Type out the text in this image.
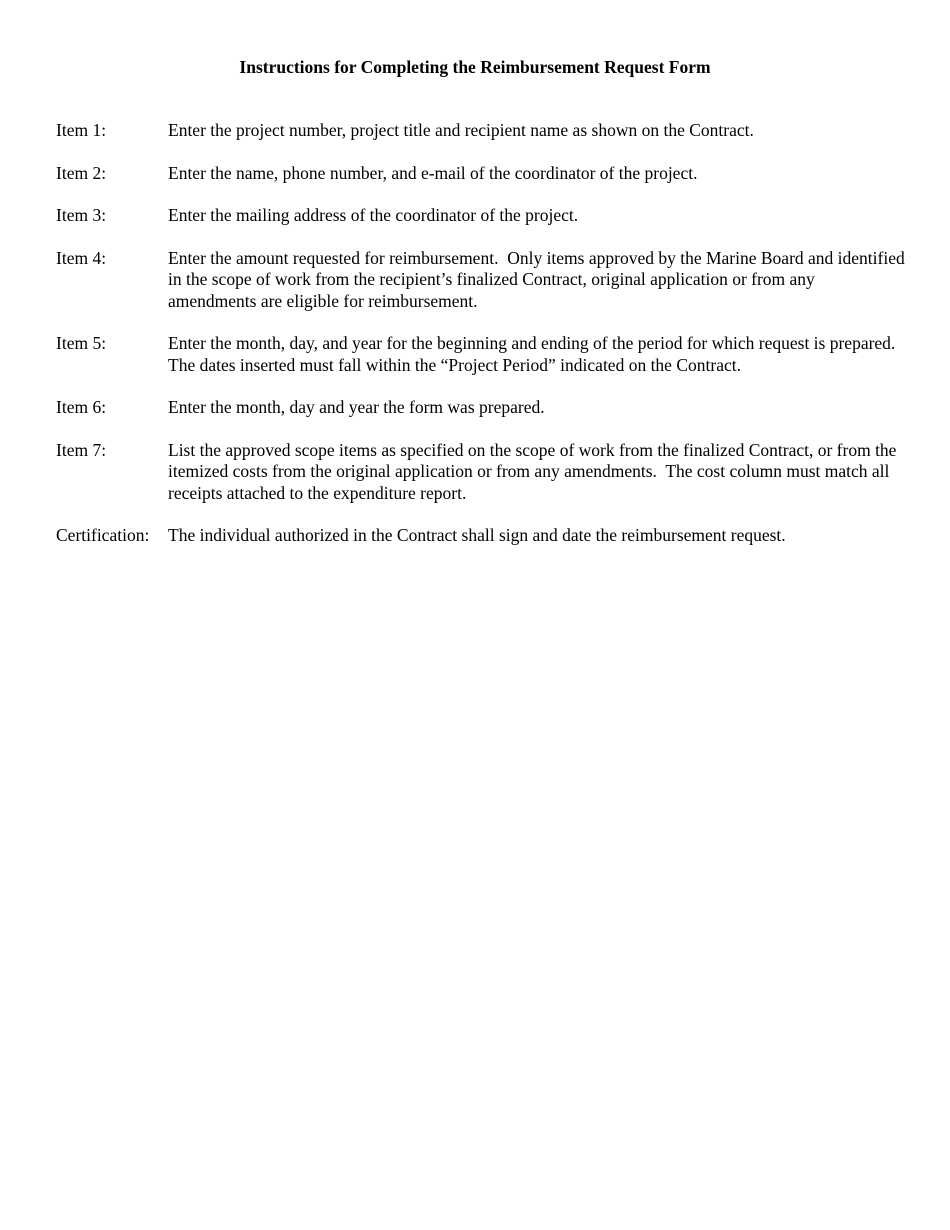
Instructions for Completing the Reimbursement Request Form
Item 1:	Enter the project number, project title and recipient name as shown on the Contract.
Item 2:	Enter the name, phone number, and e-mail of the coordinator of the project.
Item 3:	Enter the mailing address of the coordinator of the project.
Item 4:	Enter the amount requested for reimbursement.  Only items approved by the Marine Board and identified in the scope of work from the recipient’s finalized Contract, original application or from any amendments are eligible for reimbursement.
Item 5:	Enter the month, day, and year for the beginning and ending of the period for which request is prepared.  The dates inserted must fall within the “Project Period” indicated on the Contract.
Item 6:	Enter the month, day and year the form was prepared.
Item 7:	List the approved scope items as specified on the scope of work from the finalized Contract, or from the itemized costs from the original application or from any amendments.  The cost column must match all receipts attached to the expenditure report.
Certification:	The individual authorized in the Contract shall sign and date the reimbursement request.
